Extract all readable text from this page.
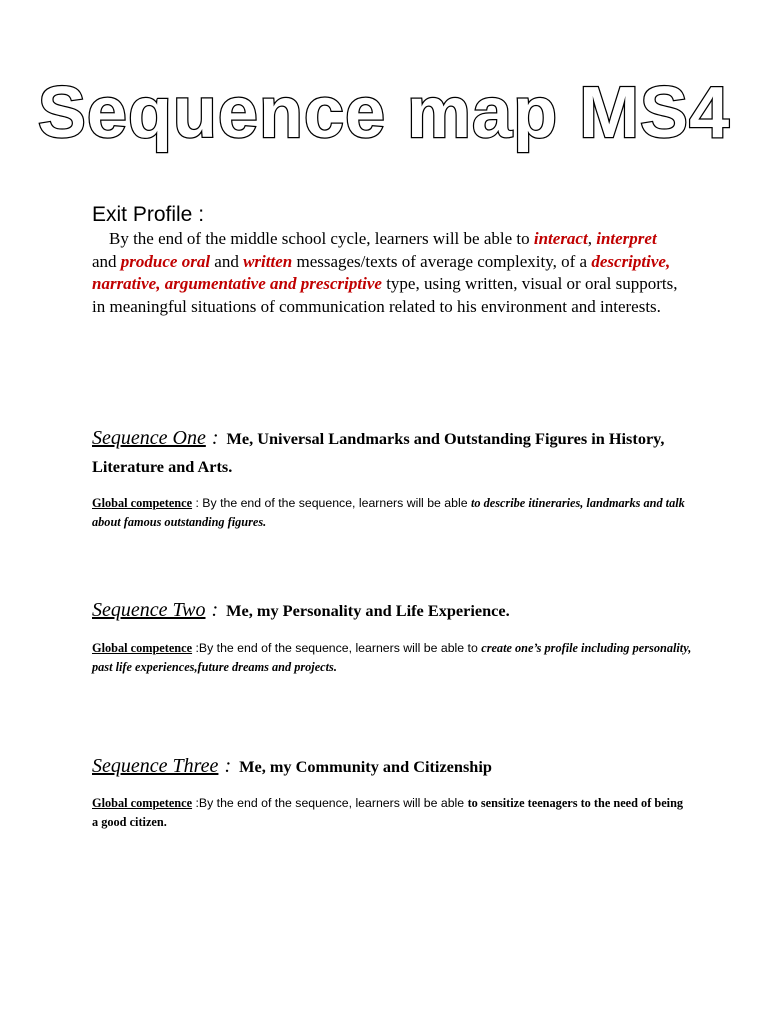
Sequence map MS4
Exit Profile :
By the end of the middle school cycle, learners will be able to interact, interpret and produce oral and written messages/texts of average complexity, of a descriptive, narrative, argumentative and prescriptive type, using written, visual or oral supports, in meaningful situations of communication related to his environment and interests.
Sequence One : Me, Universal Landmarks and Outstanding Figures in History, Literature and Arts.
Global competence : By the end of the sequence, learners will be able to describe itineraries, landmarks and talk about famous outstanding figures.
Sequence Two : Me, my Personality and Life Experience.
Global competence :By the end of the sequence, learners will be able to create one’s profile including personality, past life experiences,future dreams and projects.
Sequence Three : Me, my Community and Citizenship
Global competence :By the end of the sequence, learners will be able to sensitize teenagers to the need of being a good citizen.
